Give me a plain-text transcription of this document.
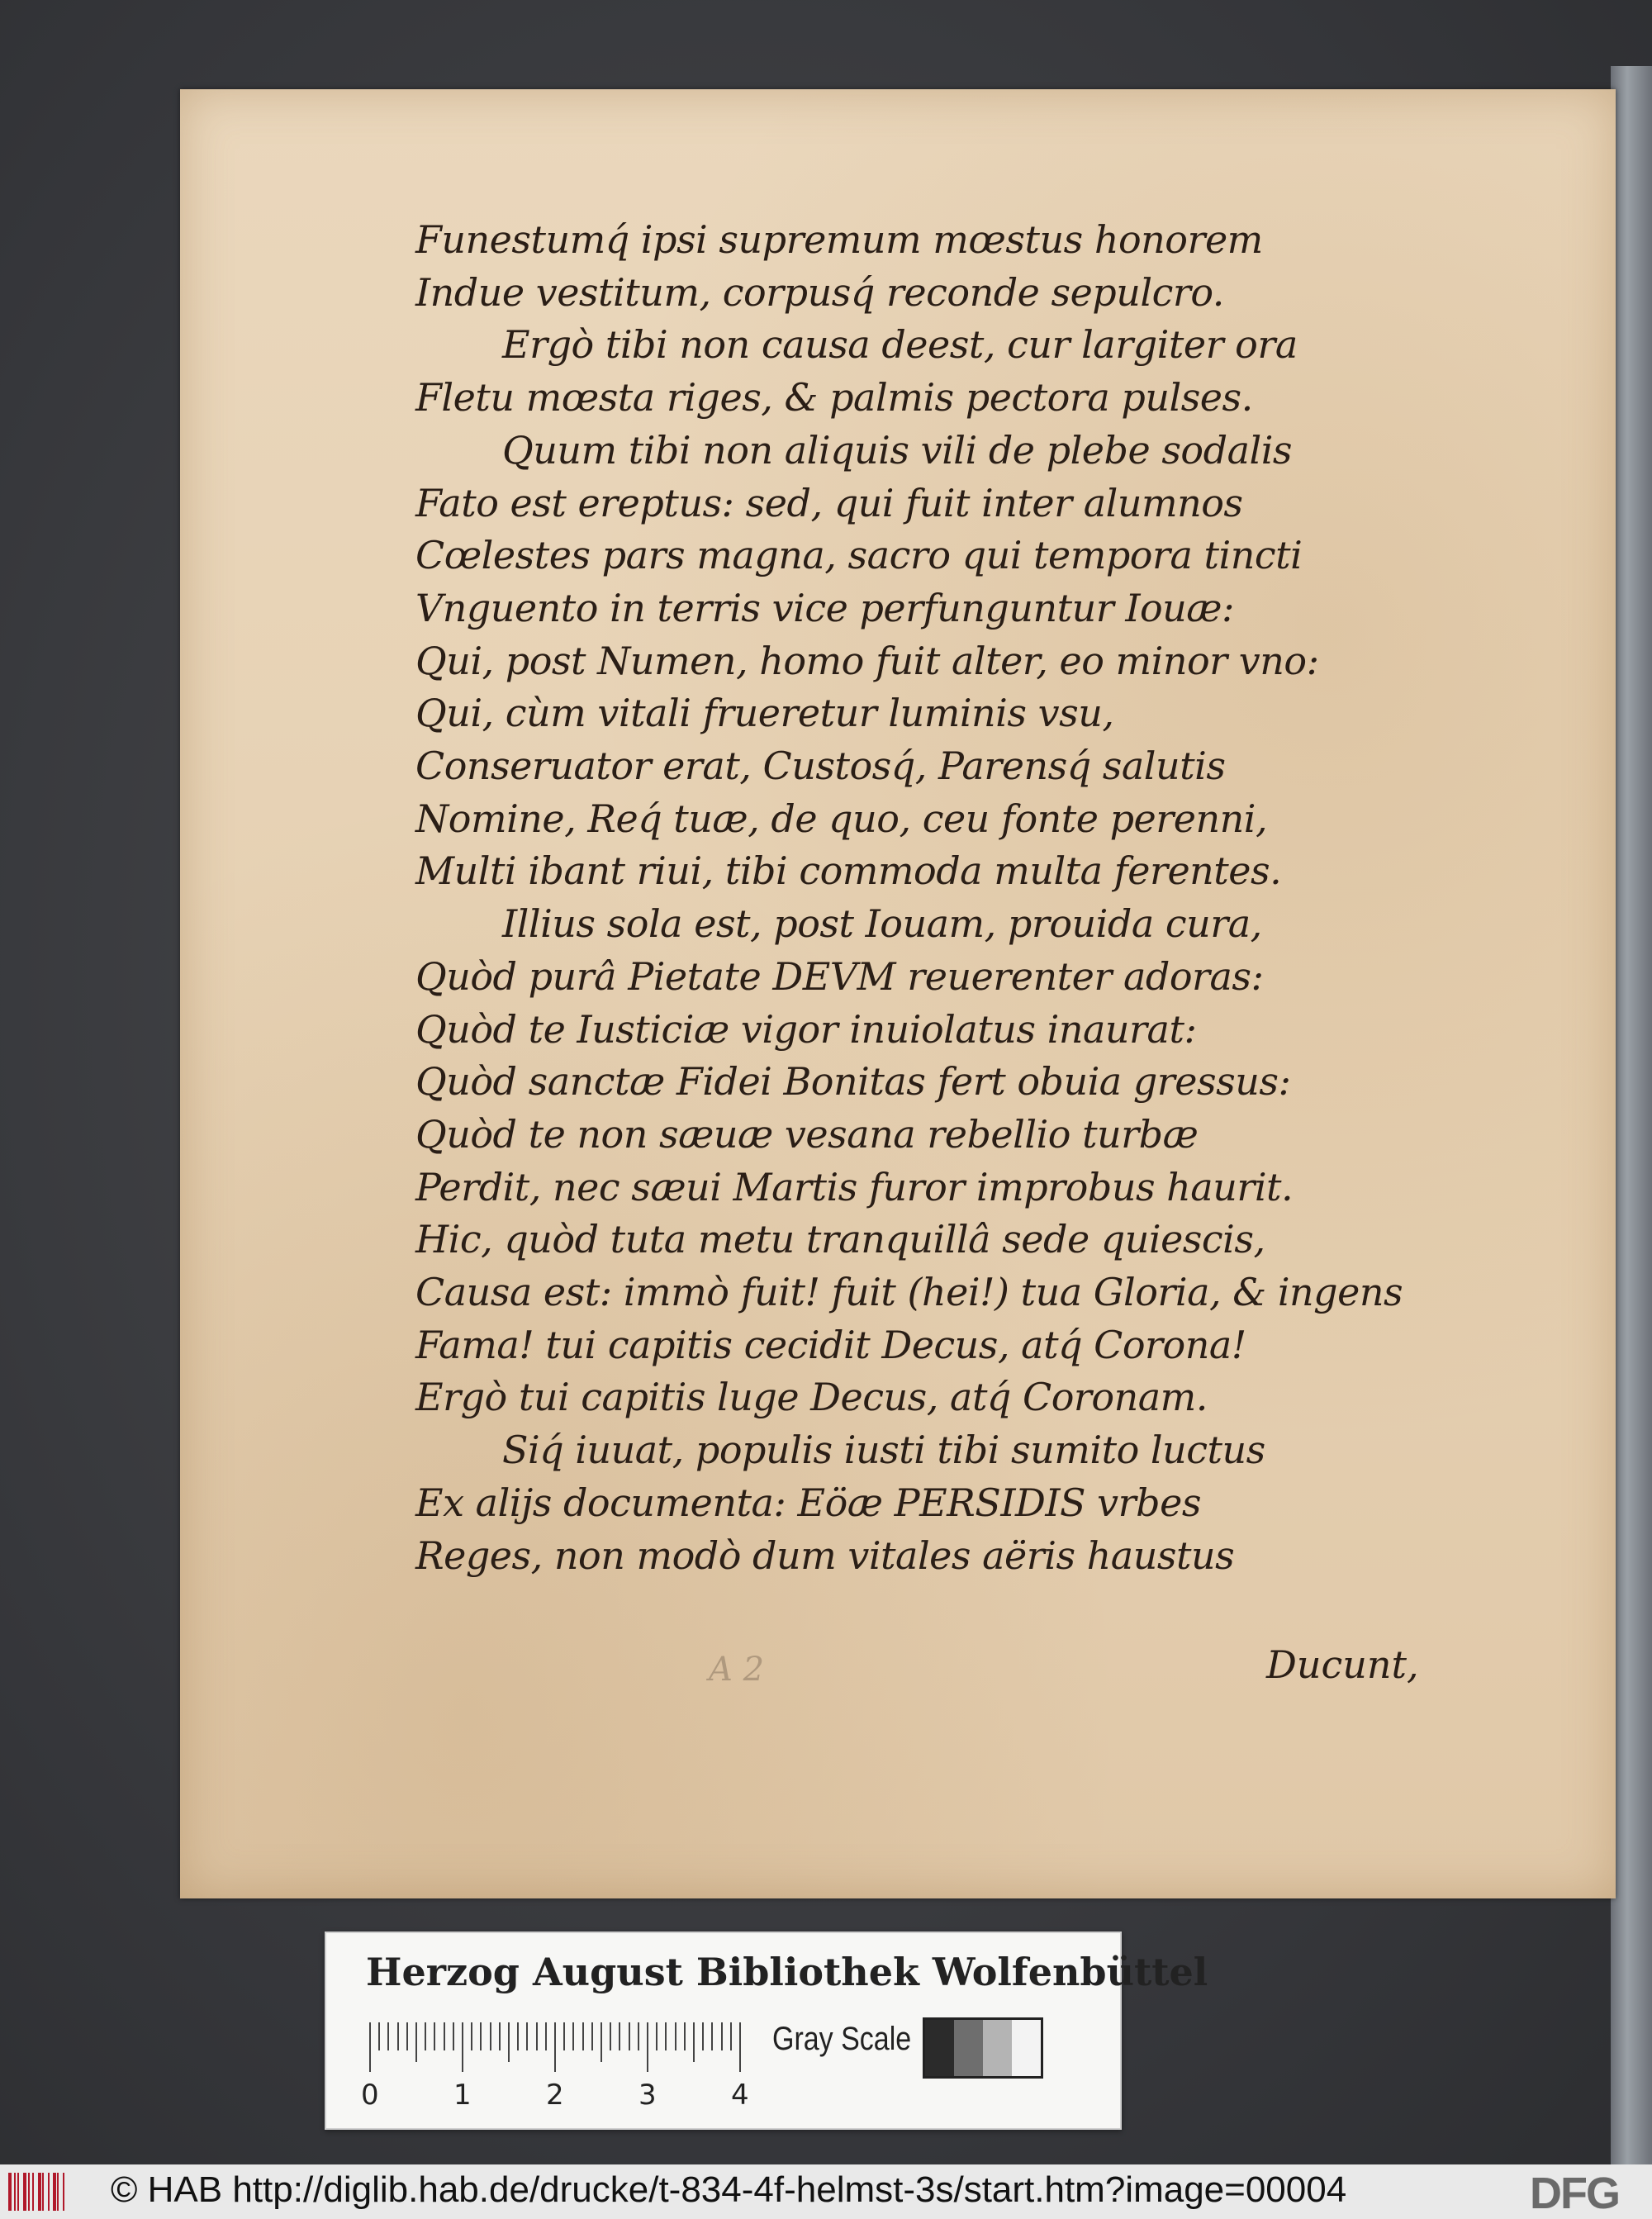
Funestumq́ ipsi supremum mœstus honorem
Indue vestitum, corpusq́ reconde sepulcro.
Ergò tibi non causa deest, cur largiter ora
Fletu mœsta riges, & palmis pectora pulses.
Quum tibi non aliquis vili de plebe sodalis
Fato est ereptus: sed, qui fuit inter alumnos
Cœlestes pars magna, sacro qui tempora tincti
Vnguento in terris vice perfunguntur Iouæ:
Qui, post Numen, homo fuit alter, eo minor vno:
Qui, cùm vitali frueretur luminis vsu,
Conseruator erat, Custosq́, Parensq́ salutis
Nomine, Req́ tuæ, de quo, ceu fonte perenni,
Multi ibant riui, tibi commoda multa ferentes.
Illius sola est, post Iouam, prouida cura,
Quòd purâ Pietate DEVM reuerenter adoras:
Quòd te Iusticiæ vigor inuiolatus inaurat:
Quòd sanctæ Fidei Bonitas fert obuia gressus:
Quòd te non sæuæ vesana rebellio turbæ
Perdit, nec sæui Martis furor improbus haurit.
Hic, quòd tuta metu tranquillâ sede quiescis,
Causa est: immò fuit! fuit (hei!) tua Gloria, & ingens
Fama! tui capitis cecidit Decus, atq́ Corona!
Ergò tui capitis luge Decus, atq́ Coronam.
Siq́ iuuat, populis iusti tibi sumito luctus
Ex alijs documenta: Eöæ PERSIDIS vrbes
Reges, non modò dum vitales aëris haustus
A 2	Ducunt,
Herzog August Bibliothek Wolfenbüttel
Gray Scale
0	1	2	3	4
© HAB http://diglib.hab.de/drucke/t-834-4f-helmst-3s/start.htm?image=00004	DFG
